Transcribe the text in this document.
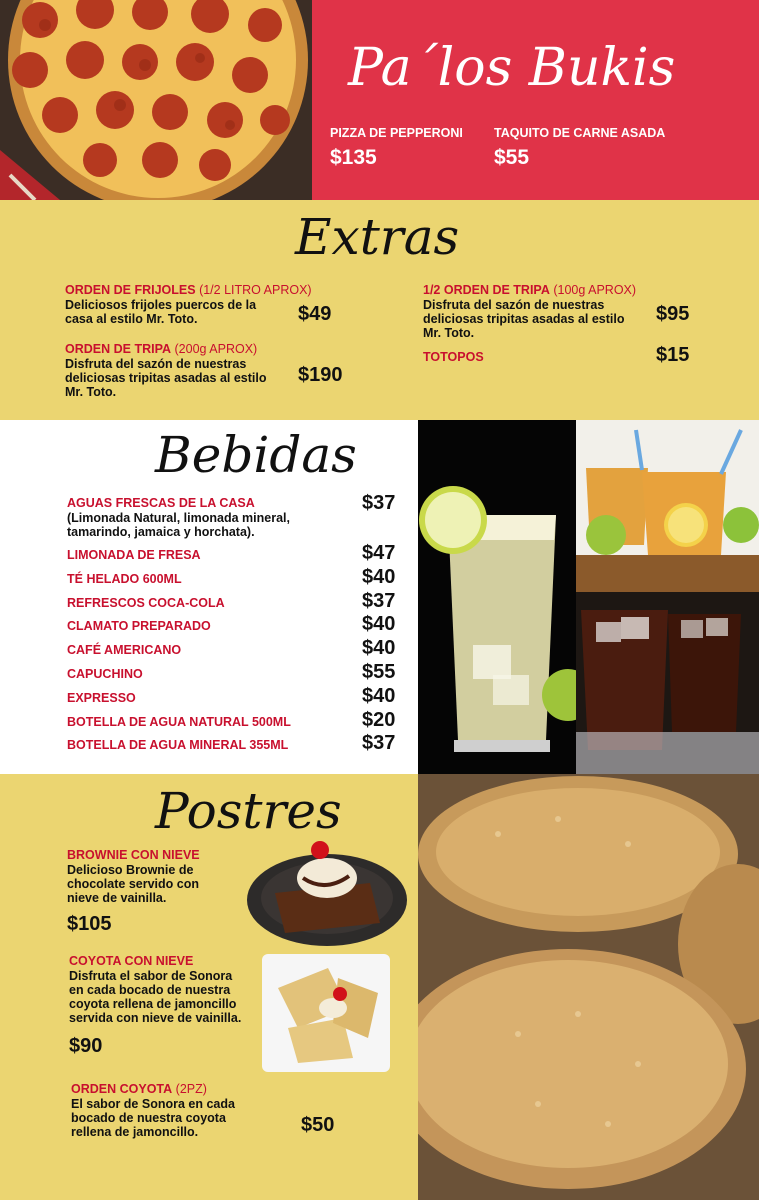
Pa´los Bukis
PIZZA DE PEPPERONI
$135
TAQUITO DE CARNE ASADA
$55
Extras
ORDEN DE FRIJOLES (1/2 LITRO APROX)
Deliciosos frijoles puercos de la casa al estilo Mr. Toto.	$49
ORDEN DE TRIPA (200g APROX)
Disfruta del sazón de nuestras deliciosas tripitas asadas al estilo Mr. Toto.
$190
1/2 ORDEN DE TRIPA (100g APROX)
Disfruta del sazón de nuestras deliciosas tripitas asadas al estilo Mr. Toto.
$95
TOTOPOS	$15
Bebidas
AGUAS FRESCAS DE LA CASA
(Limonada Natural, limonada mineral, tamarindo, jamaica y horchata).
$37
LIMONADA DE FRESA	$47
TÉ HELADO 600ML	$40
REFRESCOS COCA-COLA	$37
CLAMATO PREPARADO	$40
CAFÉ AMERICANO	$40
CAPUCHINO	$55
EXPRESSO	$40
BOTELLA DE AGUA NATURAL 500ML	$20
BOTELLA DE AGUA MINERAL 355ML	$37
Postres
BROWNIE CON NIEVE
Delicioso Brownie de chocolate servido con nieve de vainilla.
$105
COYOTA CON NIEVE
Disfruta el sabor de Sonora en cada bocado de nuestra coyota rellena de jamoncillo servida con nieve de vainilla.
$90
ORDEN COYOTA (2PZ)
El sabor de Sonora en cada bocado de nuestra coyota rellena de jamoncillo.	$50
